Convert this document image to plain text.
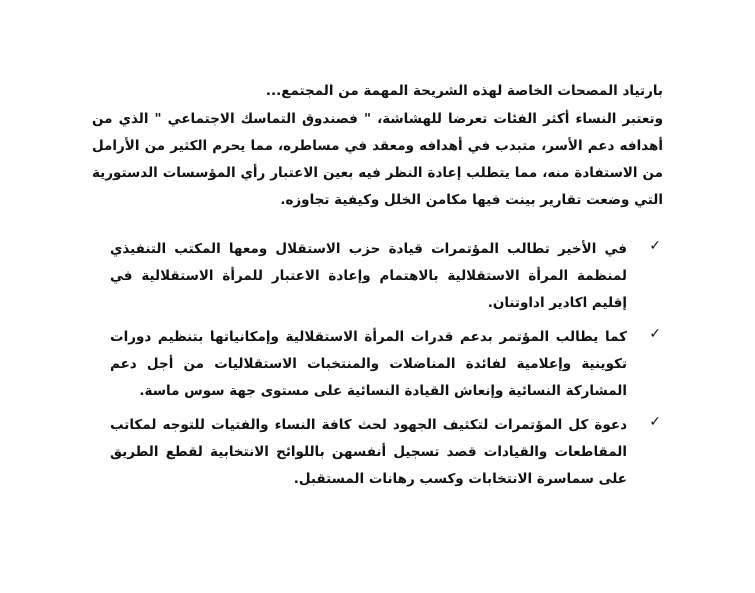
بارتياد المصحات الخاصة لهذه الشريحة المهمة من المجتمع...

وتعتبر النساء أكثر الفئات تعرضا للهشاشة، " فصندوق التماسك الاجتماعي " الذي من أهدافه دعم الأسر، متبدب في أهدافه ومعقد في مساطره، مما يحرم الكثير من الأرامل من الاستفادة منه، مما يتطلب إعادة النظر فيه بعين الاعتبار رأي المؤسسات الدستورية التي وضعت تقارير بينت فيها مكامن الخلل وكيفية تجاوزه.

✓
في الأخير تطالب المؤتمرات قيادة حزب الاستقلال ومعها المكتب التنفيذي لمنظمة المرأة الاستقلالية بالاهتمام وإعادة الاعتبار للمرأة الاستقلالية في إقليم اكادير اداوتنان.
✓
كما يطالب المؤتمر بدعم قدرات المرأة الاستقلالية وإمكانياتها بتنظيم دورات تكوينية وإعلامية لفائدة المناضلات والمنتخبات الاستقلاليات من أجل دعم المشاركة النسائية وإنعاش القيادة النسائية على مستوى جهة سوس ماسة.
✓
دعوة كل المؤتمرات لتكثيف الجهود لحث كافة النساء والفتيات للتوجه لمكاتب المقاطعات والقيادات قصد تسجيل أنفسهن باللوائح الانتخابية لقطع الطريق على سماسرة الانتخابات وكسب رهانات المستقبل.
